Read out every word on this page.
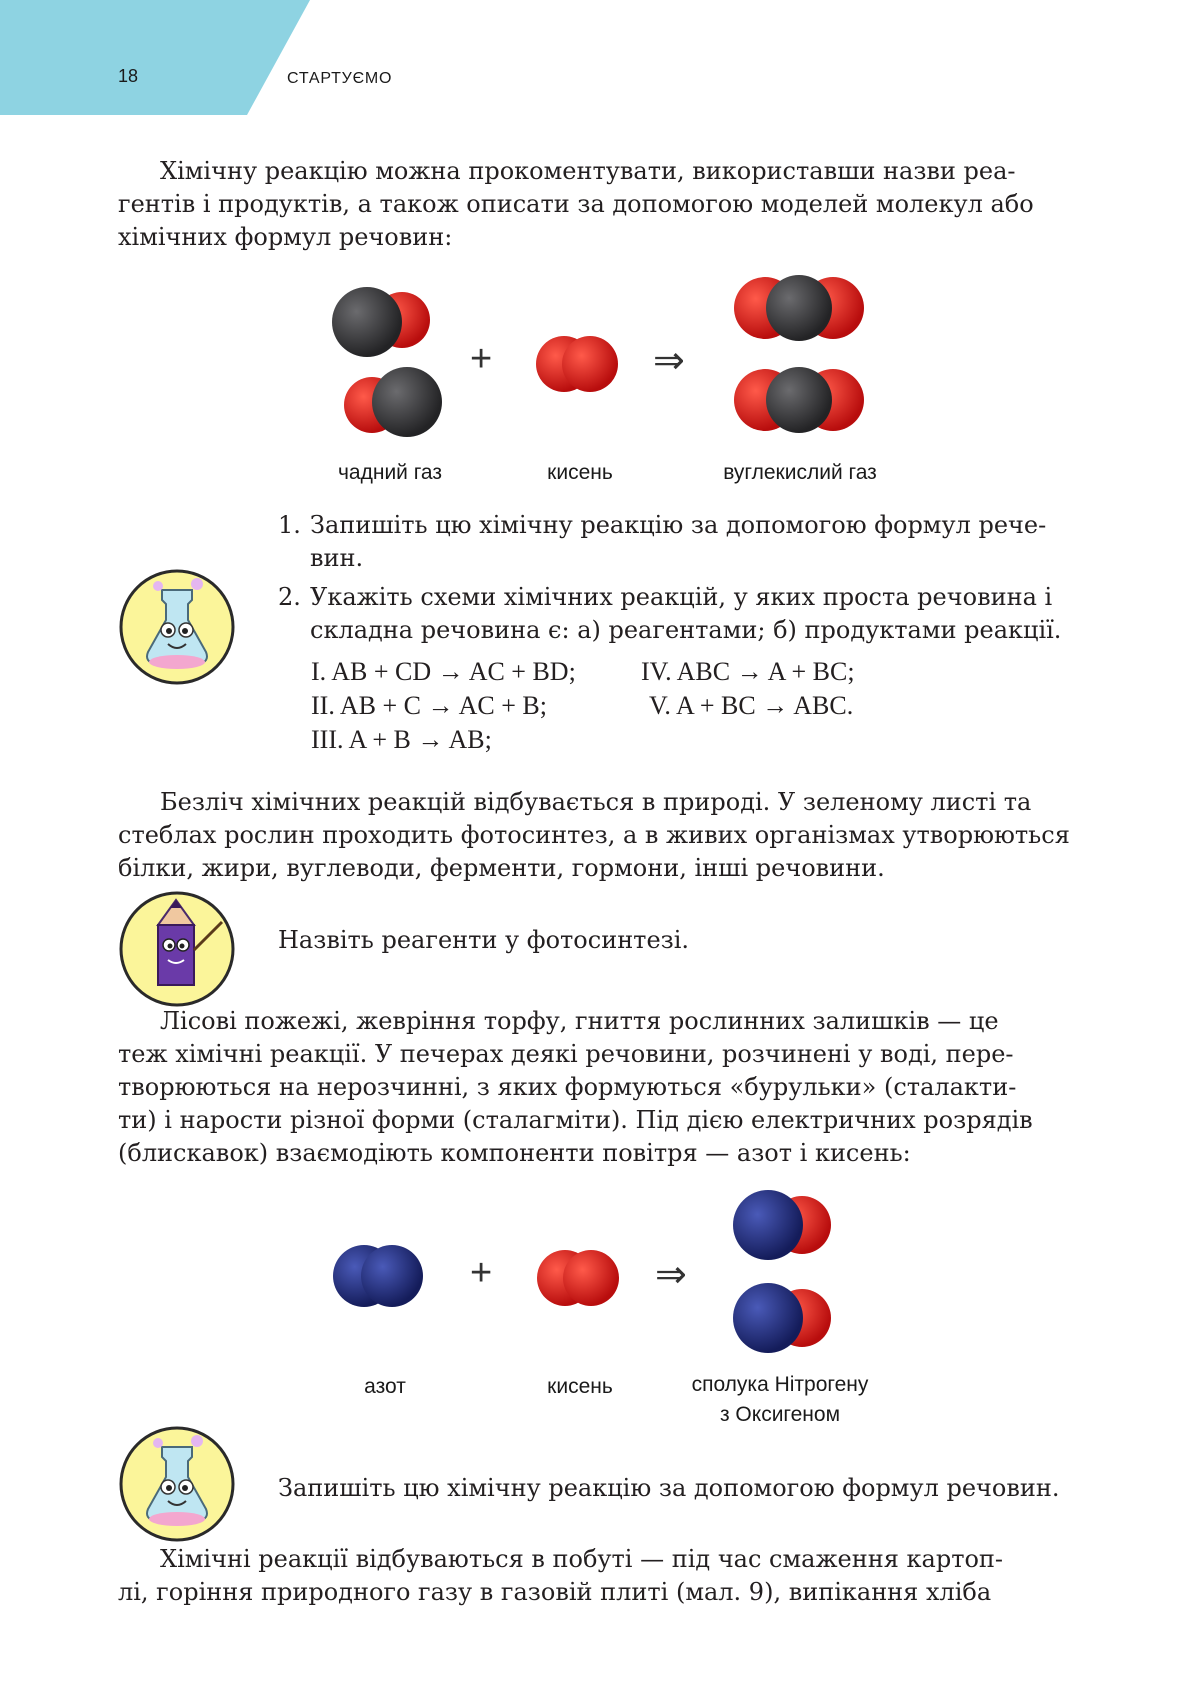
18	СТАРТУЄМО

Хімічну реакцію можна прокоментувати, використавши назви реа-
гентів і продуктів, а також описати за допомогою моделей молекул або
хімічних формул речовин:

+	⇒
чадний газ	кисень	вуглекислий газ
1. Запишіть цю хімічну реакцію за допомогою формул рече-
вин.
2. Укажіть схеми хімічних реакцій, у яких проста речовина і
складна речовина є: а) реагентами; б) продуктами реакції.
I. AB + CD → AC + BD;	IV. ABC → A + BC;
II. AB + C → AC + B;	V. A + BC → ABC.
III. A + B → AB;

Безліч хімічних реакцій відбувається в природі. У зеленому листі та
стеблах рослин проходить фотосинтез, а в живих організмах утворюються
білки, жири, вуглеводи, ферменти, гормони, інші речовини.

Назвіть реагенти у фотосинтезі.

Лісові пожежі, жевріння торфу, гниття рослинних залишків — це
теж хімічні реакції. У печерах деякі речовини, розчинені у воді, пере-
творюються на нерозчинні, з яких формуються «бурульки» (сталакти-
ти) і нарости різної форми (сталагміти). Під дією електричних розрядів
(блискавок) взаємодіють компоненти повітря — азот і кисень:

+	⇒
азот	кисень	сполука Нітрогену
з Оксигеном
Запишіть цю хімічну реакцію за допомогою формул речовин.

Хімічні реакції відбуваються в побуті — під час смаження картоп-
лі, горіння природного газу в газовій плиті (мал. 9), випікання хліба
